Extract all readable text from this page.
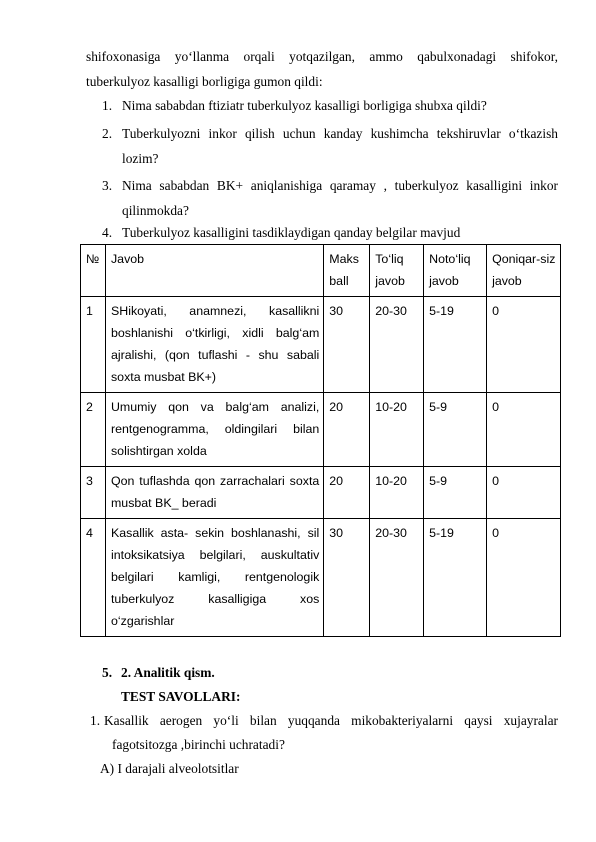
shifoxonasiga yo‘llanma orqali yotqazilgan, ammo qabulxonadagi shifokor,
tuberkulyoz kasalligi borligiga gumon qildi:
1. Nima sababdan ftiziatr tuberkulyoz kasalligi borligiga shubxa qildi?
2. Tuberkulyozni inkor qilish uchun kanday kushimcha tekshiruvlar o‘tkazish
lozim?
3. Nima sababdan BK+ aniqlanishiga qaramay , tuberkulyoz kasalligini inkor
qilinmokda?
4. Tuberkulyoz kasalligini tasdiklaydigan qanday belgilar mavjud
№	Javob	Maks ball	To‘liq javob	Noto‘liq javob	Qoniqar-siz javob
1	SHikoyati, anamnezi, kasallikni boshlanishi o‘tkirligi, xidli balg‘am ajralishi, (qon tuflashi - shu sabali soxta musbat BK+)	30	20-30	5-19	0
2	Umumiy qon va balg‘am analizi, rentgenogramma, oldingilari bilan solishtirgan xolda	20	10-20	5-9	0
3	Qon tuflashda qon zarrachalari soxta musbat BK_ beradi	20	10-20	5-9	0
4	Kasallik asta- sekin boshlanashi, sil intoksikatsiya belgilari, auskultativ belgilari kamligi, rentgenologik tuberkulyoz kasalligiga xos o‘zgarishlar	30	20-30	5-19	0
5. 2. Analitik qism.
TEST SAVOLLARI:
1. Kasallik aerogen yo‘li bilan yuqqanda mikobakteriyalarni qaysi xujayralar
fagotsitozga ,birinchi uchratadi?
A) I darajali alveolotsitlar
